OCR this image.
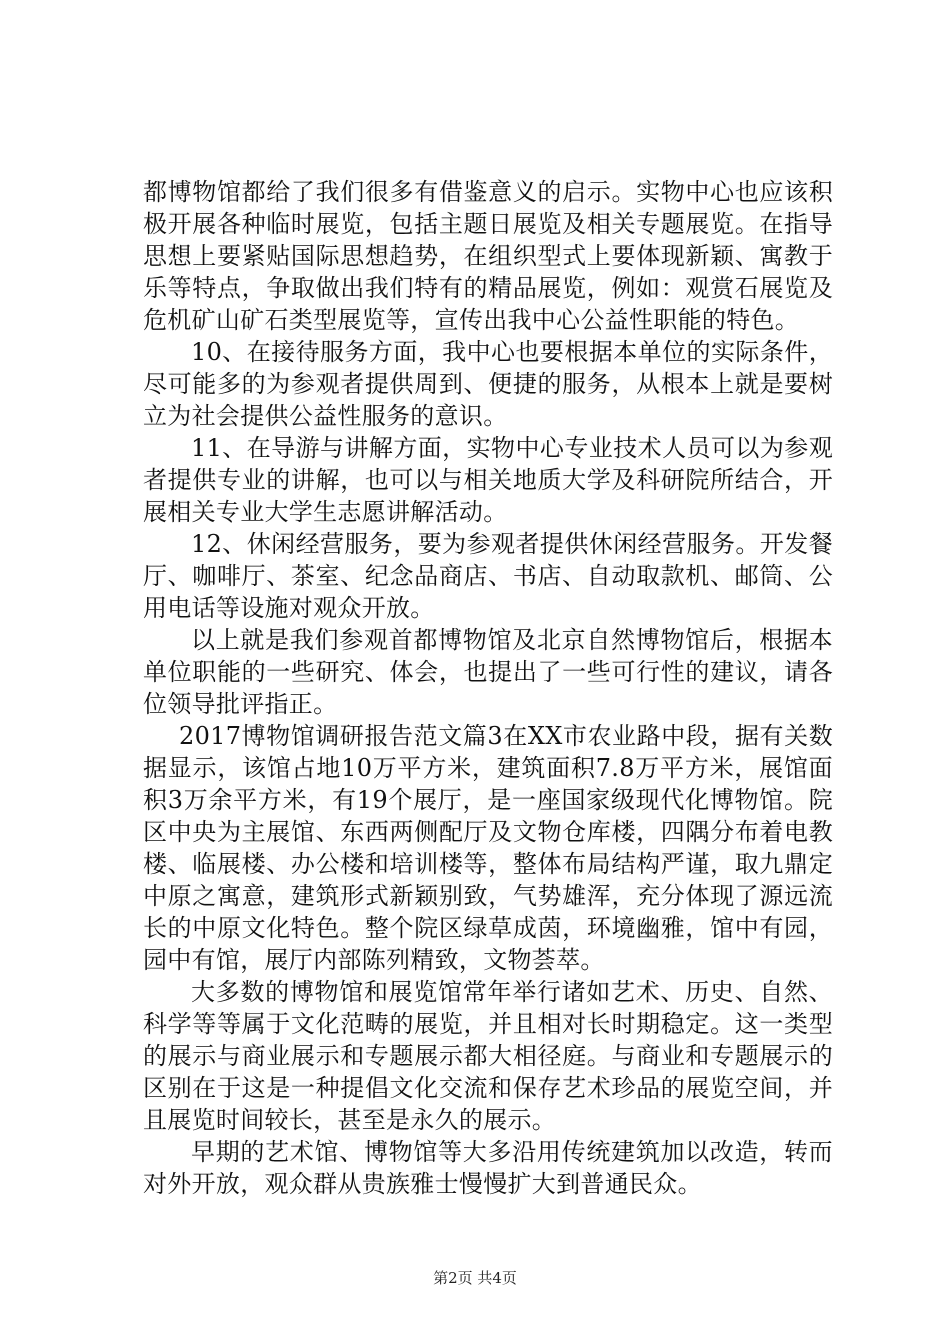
都博物馆都给了我们很多有借鉴意义的启示。实物中心也应该积极开展各种临时展览，包括主题日展览及相关专题展览。在指导思想上要紧贴国际思想趋势，在组织型式上要体现新颖、寓教于乐等特点，争取做出我们特有的精品展览，例如：观赏石展览及危机矿山矿石类型展览等，宣传出我中心公益性职能的特色。

10、在接待服务方面，我中心也要根据本单位的实际条件，尽可能多的为参观者提供周到、便捷的服务，从根本上就是要树立为社会提供公益性服务的意识。

11、在导游与讲解方面，实物中心专业技术人员可以为参观者提供专业的讲解，也可以与相关地质大学及科研院所结合，开展相关专业大学生志愿讲解活动。

12、休闲经营服务，要为参观者提供休闲经营服务。开发餐厅、咖啡厅、茶室、纪念品商店、书店、自动取款机、邮筒、公用电话等设施对观众开放。

以上就是我们参观首都博物馆及北京自然博物馆后，根据本单位职能的一些研究、体会，也提出了一些可行性的建议，请各位领导批评指正。

2017博物馆调研报告范文篇3在XX市农业路中段，据有关数据显示，该馆占地10万平方米，建筑面积7.8万平方米，展馆面积3万余平方米，有19个展厅，是一座国家级现代化博物馆。院区中央为主展馆、东西两侧配厅及文物仓库楼，四隅分布着电教楼、临展楼、办公楼和培训楼等，整体布局结构严谨，取九鼎定中原之寓意，建筑形式新颖别致，气势雄浑，充分体现了源远流长的中原文化特色。整个院区绿草成茵，环境幽雅，馆中有园，园中有馆，展厅内部陈列精致，文物荟萃。

大多数的博物馆和展览馆常年举行诸如艺术、历史、自然、科学等等属于文化范畴的展览，并且相对长时期稳定。这一类型的展示与商业展示和专题展示都大相径庭。与商业和专题展示的区别在于这是一种提倡文化交流和保存艺术珍品的展览空间，并且展览时间较长，甚至是永久的展示。

早期的艺术馆、博物馆等大多沿用传统建筑加以改造，转而对外开放，观众群从贵族雅士慢慢扩大到普通民众。

第2页 共4页
